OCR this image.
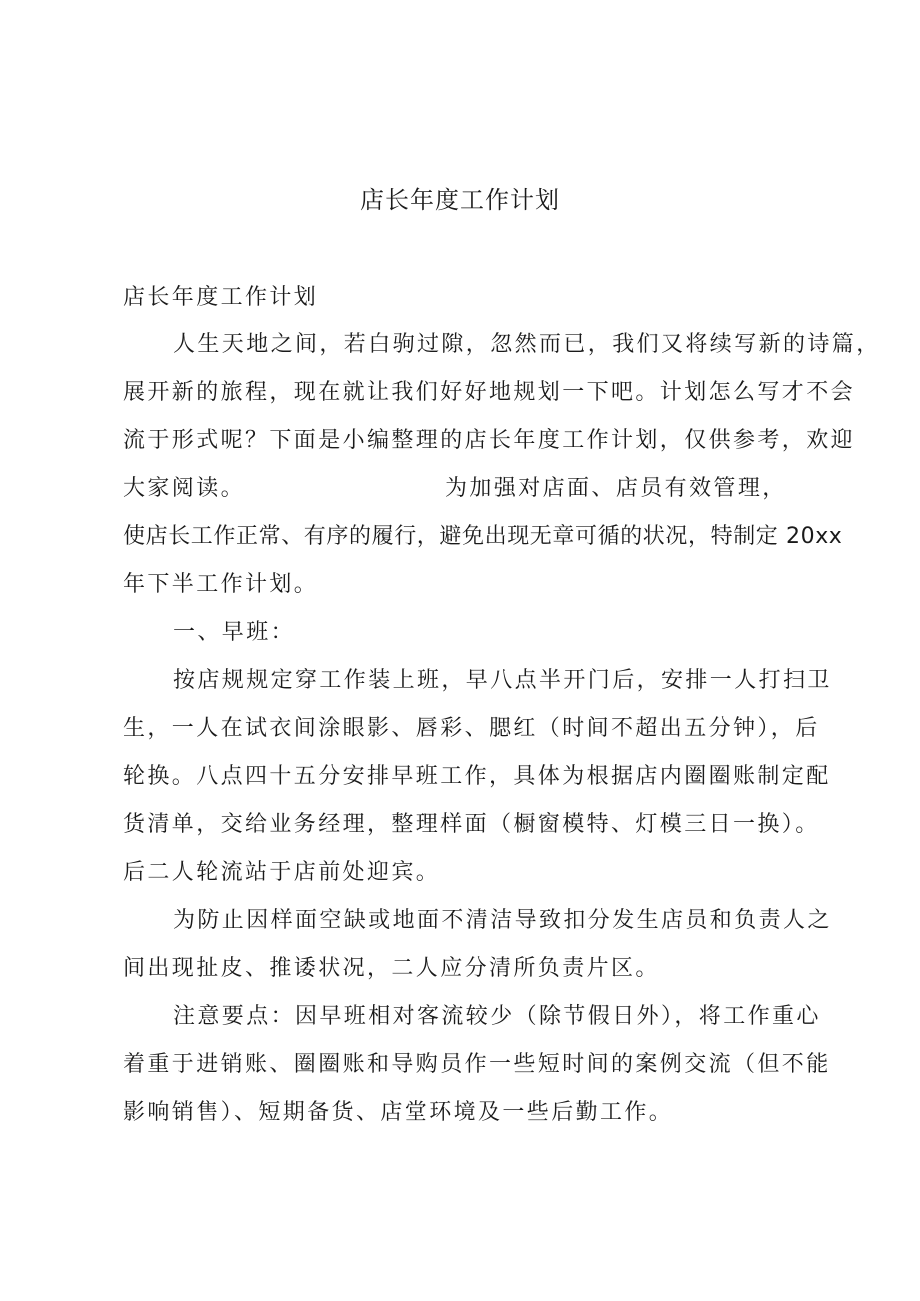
店长年度工作计划
店长年度工作计划
人生天地之间，若白驹过隙，忽然而已，我们又将续写新的诗篇，
展开新的旅程，现在就让我们好好地规划一下吧。计划怎么写才不会
流于形式呢？下面是小编整理的店长年度工作计划，仅供参考，欢迎
大家阅读。	为加强对店面、店员有效管理，
使店长工作正常、有序的履行，避免出现无章可循的状况，特制定 20xx
年下半工作计划。
一、早班：
按店规规定穿工作装上班，早八点半开门后，安排一人打扫卫
生，一人在试衣间涂眼影、唇彩、腮红（时间不超出五分钟），后
轮换。八点四十五分安排早班工作，具体为根据店内圈圈账制定配
货清单，交给业务经理，整理样面（橱窗模特、灯模三日一换）。
后二人轮流站于店前处迎宾。
为防止因样面空缺或地面不清洁导致扣分发生店员和负责人之
间出现扯皮、推诿状况，二人应分清所负责片区。
注意要点：因早班相对客流较少（除节假日外），将工作重心
着重于进销账、圈圈账和导购员作一些短时间的案例交流（但不能
影响销售）、短期备货、店堂环境及一些后勤工作。
